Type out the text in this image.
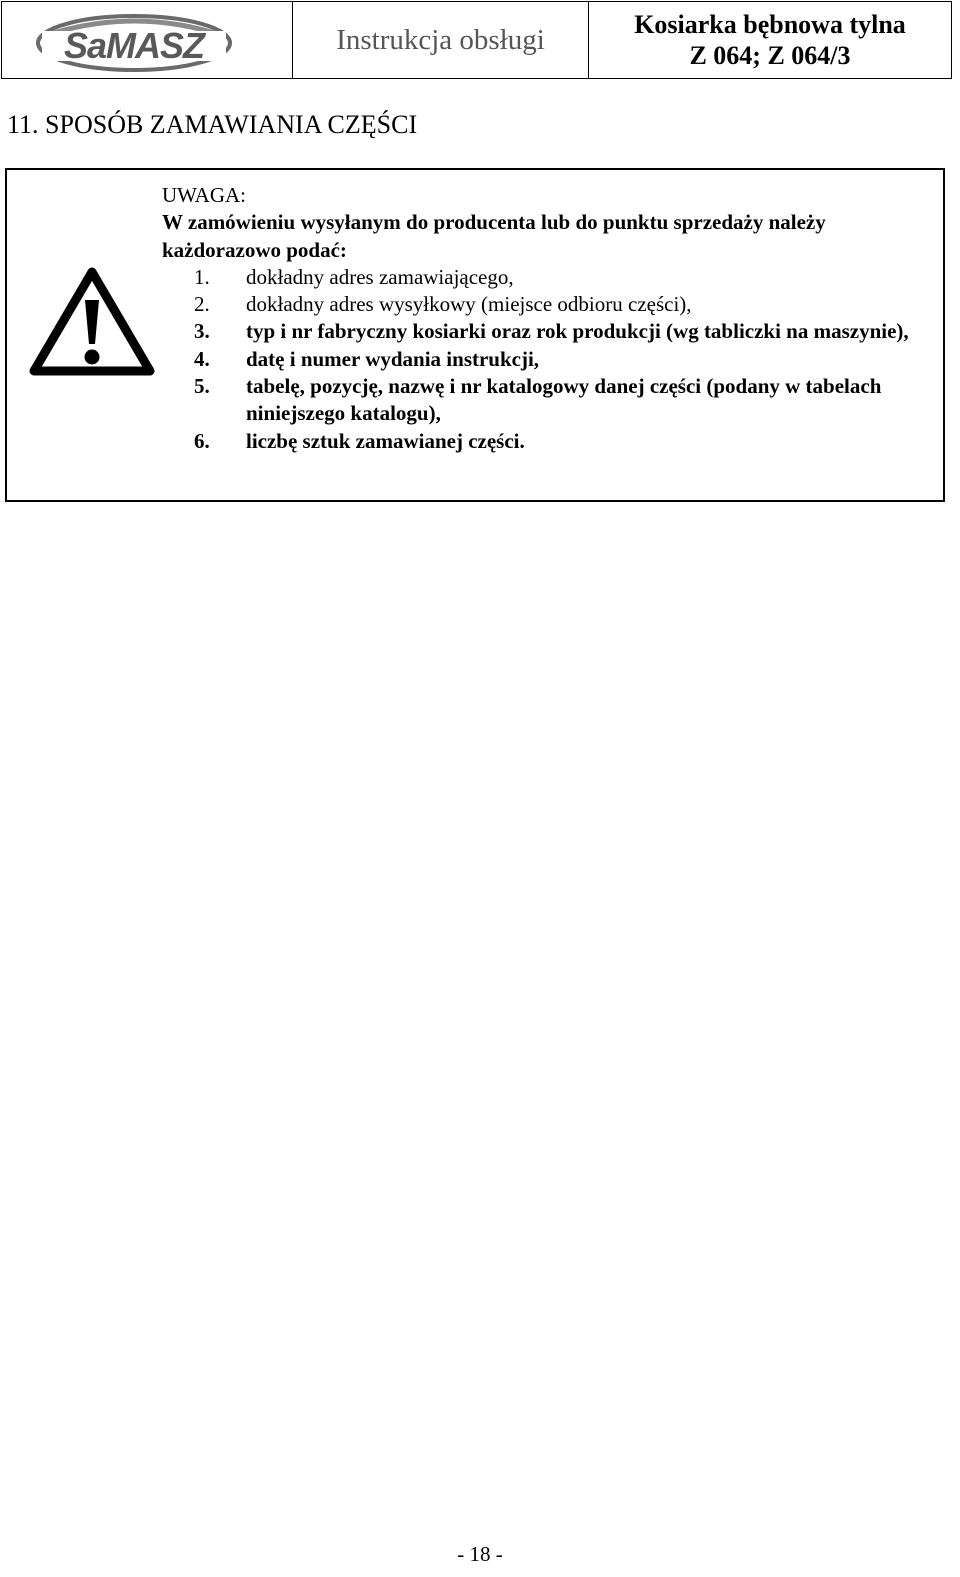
SaMASZ	Instrukcja obsługi	Kosiarka bębnowa tylna
Z 064; Z 064/3
11. SPOSÓB ZAMAWIANIA CZĘŚCI
UWAGA:
W zamówieniu wysyłanym do producenta lub do punktu sprzedaży należy każdorazowo podać:
1. dokładny adres zamawiającego,
2. dokładny adres wysyłkowy (miejsce odbioru części),
3. typ i nr fabryczny kosiarki oraz rok produkcji (wg tabliczki na maszynie),
4. datę i numer wydania instrukcji,
5. tabelę, pozycję, nazwę i nr katalogowy danej części (podany w tabelach niniejszego katalogu),
6. liczbę sztuk zamawianej części.
- 18 -
